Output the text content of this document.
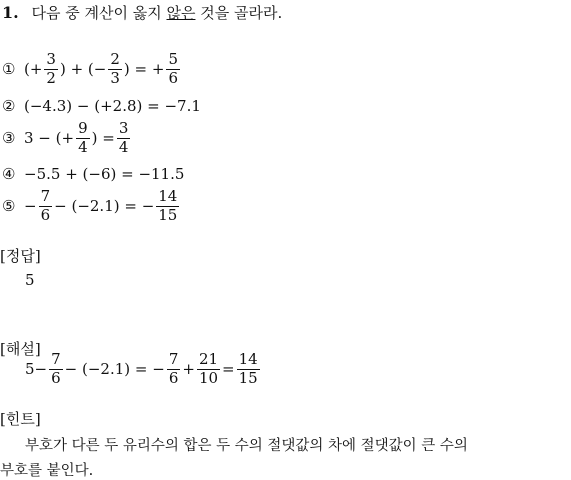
1. 다음 중 계산이 옳지 않은 것을 골라라.
① (+ $\frac{3}{2}$ ) + (− $\frac{2}{3}$ ) = + $\frac{5}{6}$
② (−4.3) − (+2.8) = −7.1
③ 3 − (+ $\frac{9}{4}$ ) = $\frac{3}{4}$
④ −5.5 + (−6) = −11.5
⑤ − $\frac{7}{6} - (-2.1)$ = − $\frac{14}{15}$
[정답]
5
[해설]
$5- \frac{7}{6} - (-2.1)$ = − $\frac{7}{6} + \frac{21}{10} = \frac{14}{15}$
[힌트]
부호가 다른 두 유리수의 합은 두 수의 절댓값의 차에 절댓값이 큰 수의
부호를 붙인다.
